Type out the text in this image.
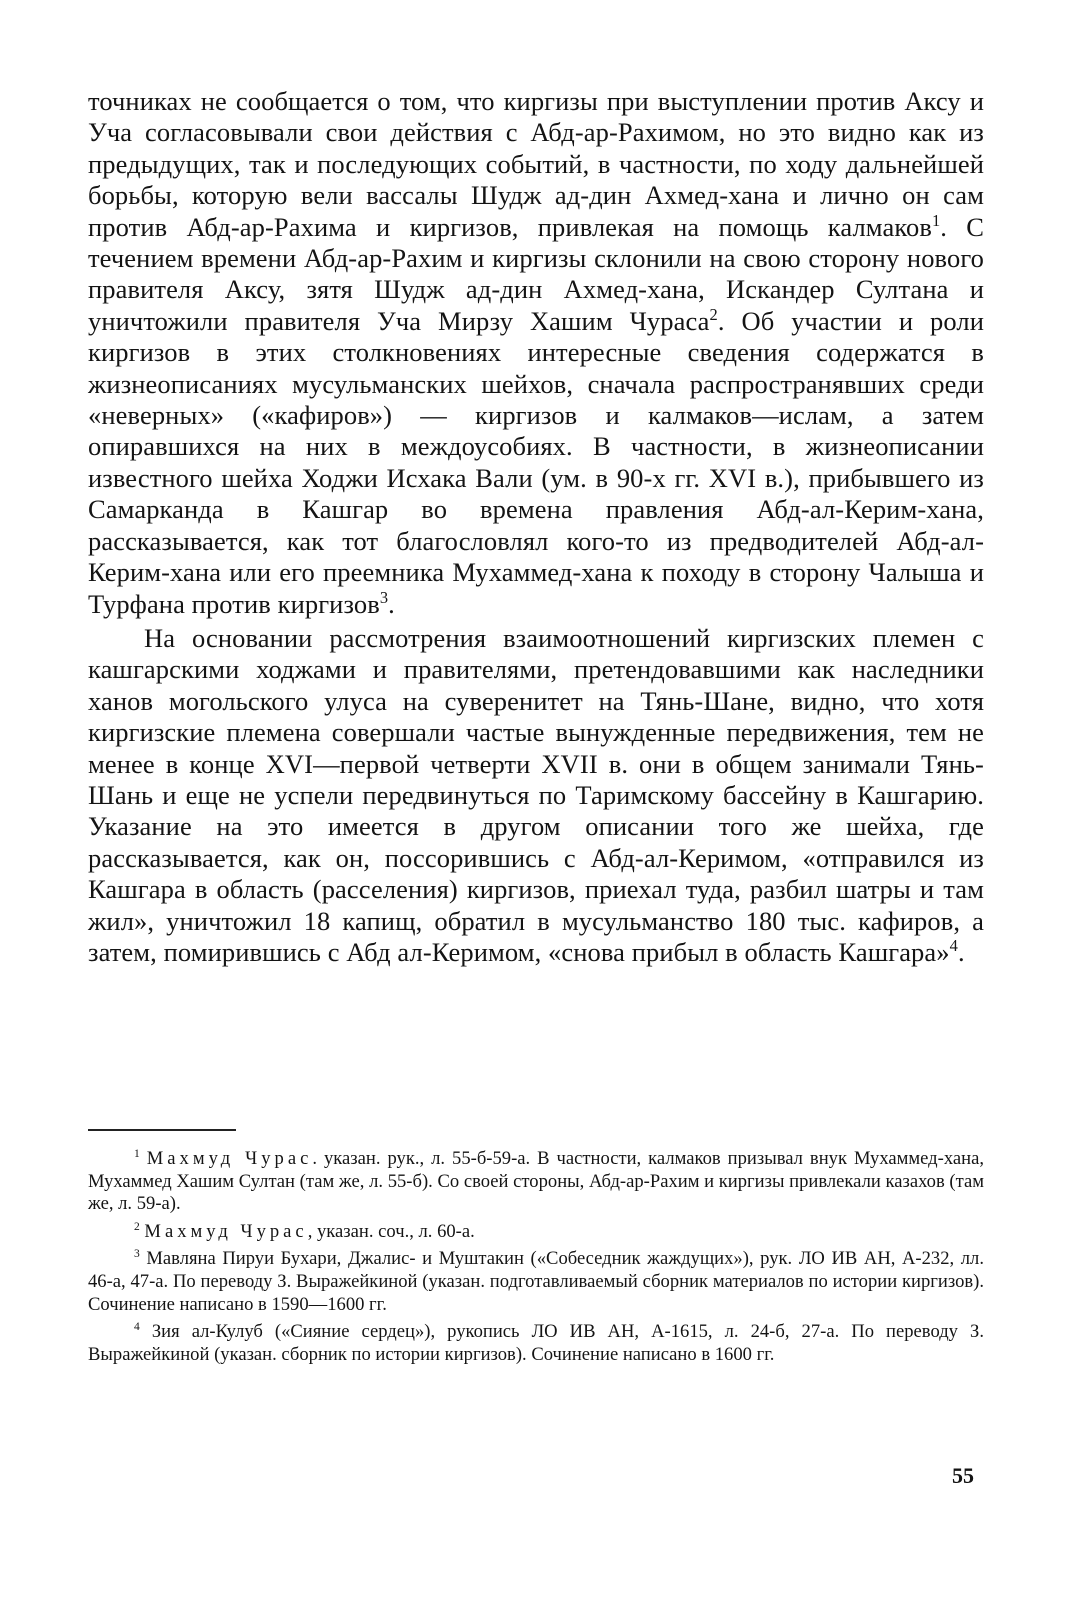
точниках не сообщается о том, что киргизы при выступлении против Аксу и Уча согласовывали свои действия с Абд-ар-Рахимом, но это видно как из предыдущих, так и последующих событий, в частности, по ходу дальнейшей борьбы, которую вели вассалы Шудж ад-дин Ахмед-хана и лично он сам против Абд-ар-Рахима и киргизов, привлекая на помощь калмаков$^1$. С течением времени Абд-ар-Рахим и киргизы склонили на свою сторону нового правителя Аксу, зятя Шудж ад-дин Ахмед-хана, Искандер Султана и уничтожили правителя Уча Мирзу Хашим Чураса$^2$. Об участии и роли киргизов в этих столкновениях интересные сведения содержатся в жизнеописаниях мусульманских шейхов, сначала распространявших среди «неверных» («кафиров») — киргизов и калмаков—ислам, а затем опиравшихся на них в междоусобиях. В частности, в жизнеописании известного шейха Ходжи Исхака Вали (ум. в 90-х гг. XVI в.), прибывшего из Самарканда в Кашгар во времена правления Абд-ал-Керим-хана, рассказывается, как тот благословлял кого-то из предводителей Абд-ал-Керим-хана или его преемника Мухаммед-хана к походу в сторону Чалыша и Турфана против киргизов$^3$.

На основании рассмотрения взаимоотношений киргизских племен с кашгарскими ходжами и правителями, претендовавшими как наследники ханов могольского улуса на суверенитет на Тянь-Шане, видно, что хотя киргизские племена совершали частые вынужденные передвижения, тем не менее в конце XVI—первой четверти XVII в. они в общем занимали Тянь-Шань и еще не успели передвинуться по Таримскому бассейну в Кашгарию. Указание на это имеется в другом описании того же шейха, где рассказывается, как он, поссорившись с Абд-ал-Керимом, «отправился из Кашгара в область (расселения) киргизов, приехал туда, разбил шатры и там жил», уничтожил 18 капищ, обратил в мусульманство 180 тыс. кафиров, а затем, помирившись с Абд ал-Керимом, «снова прибыл в область Кашгара»$^4$.

$^1$ Махмуд Чурас. указан. рук., л. 55-б-59-а. В частности, калмаков призывал внук Мухаммед-хана, Мухаммед Хашим Султан (там же, л. 55-б). Со своей стороны, Абд-ар-Рахим и киргизы привлекали казахов (там же, л. 59-а).

$^2$ Махмуд Чурас, указан. соч., л. 60-а.

$^3$ Мавляна Пируи Бухари, Джалис- и Муштакин («Собеседник жаждущих»), рук. ЛО ИВ АН, А-232, лл. 46-а, 47-а. По переводу З. Выражейкиной (указан. подготавливаемый сборник материалов по истории киргизов). Сочинение написано в 1590—1600 гг.

$^4$ Зия ал-Кулуб («Сияние сердец»), рукопись ЛО ИВ АН, А-1615, л. 24-б, 27-а. По переводу З. Выражейкиной (указан. сборник по истории киргизов). Сочинение написано в 1600 гг.

55
